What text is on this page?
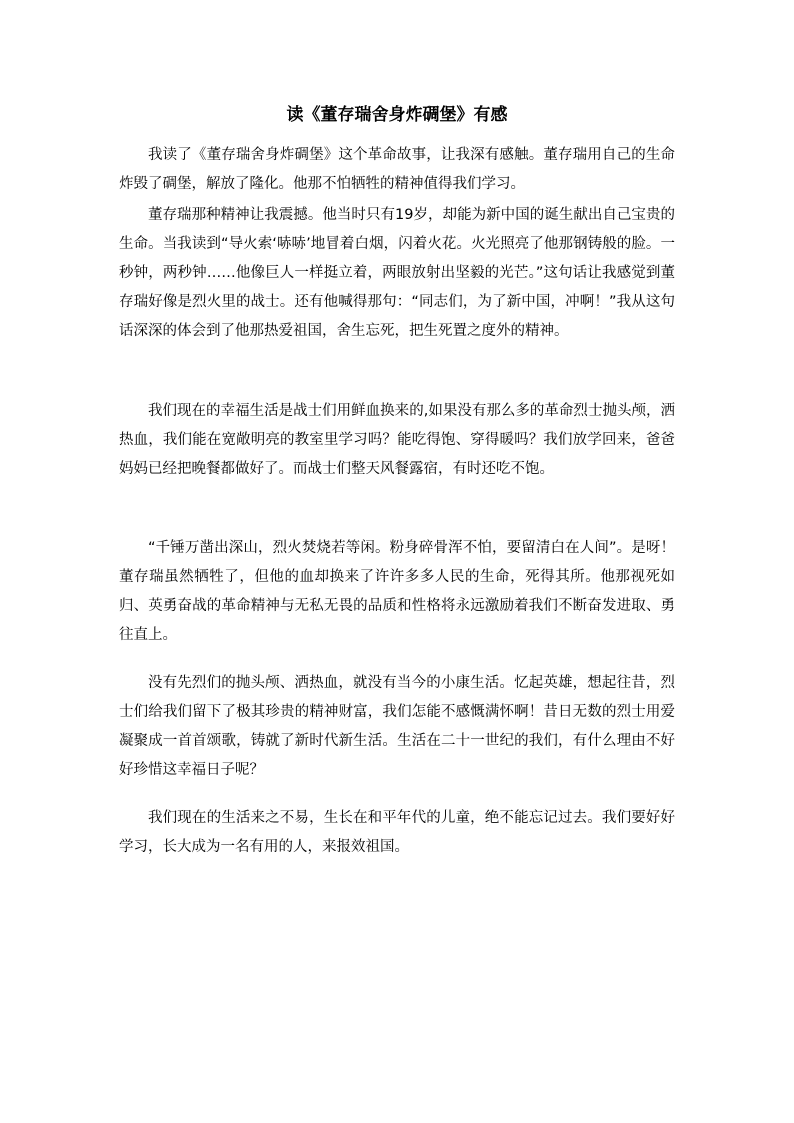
读《董存瑞舍身炸碉堡》有感

我读了《董存瑞舍身炸碉堡》这个革命故事，让我深有感触。董存瑞用自己的生命炸毁了碉堡，解放了隆化。他那不怕牺牲的精神值得我们学习。

董存瑞那种精神让我震撼。他当时只有19岁，却能为新中国的诞生献出自己宝贵的生命。当我读到“导火索‘哧哧’地冒着白烟，闪着火花。火光照亮了他那钢铸般的脸。一秒钟，两秒钟……他像巨人一样挺立着，两眼放射出坚毅的光芒。”这句话让我感觉到董存瑞好像是烈火里的战士。还有他喊得那句：“同志们，为了新中国，冲啊！”我从这句话深深的体会到了他那热爱祖国，舍生忘死，把生死置之度外的精神。

我们现在的幸福生活是战士们用鲜血换来的,如果没有那么多的革命烈士抛头颅，洒热血，我们能在宽敞明亮的教室里学习吗？能吃得饱、穿得暖吗？我们放学回来，爸爸妈妈已经把晚餐都做好了。而战士们整天风餐露宿，有时还吃不饱。

“千锤万凿出深山，烈火焚烧若等闲。粉身碎骨浑不怕，要留清白在人间”。是呀！董存瑞虽然牺牲了，但他的血却换来了许许多多人民的生命，死得其所。他那视死如归、英勇奋战的革命精神与无私无畏的品质和性格将永远激励着我们不断奋发进取、勇往直上。

没有先烈们的抛头颅、洒热血，就没有当今的小康生活。忆起英雄，想起往昔，烈士们给我们留下了极其珍贵的精神财富，我们怎能不感慨满怀啊！昔日无数的烈士用爱凝聚成一首首颂歌，铸就了新时代新生活。生活在二十一世纪的我们，有什么理由不好好珍惜这幸福日子呢？

我们现在的生活来之不易，生长在和平年代的儿童，绝不能忘记过去。我们要好好学习，长大成为一名有用的人，来报效祖国。
